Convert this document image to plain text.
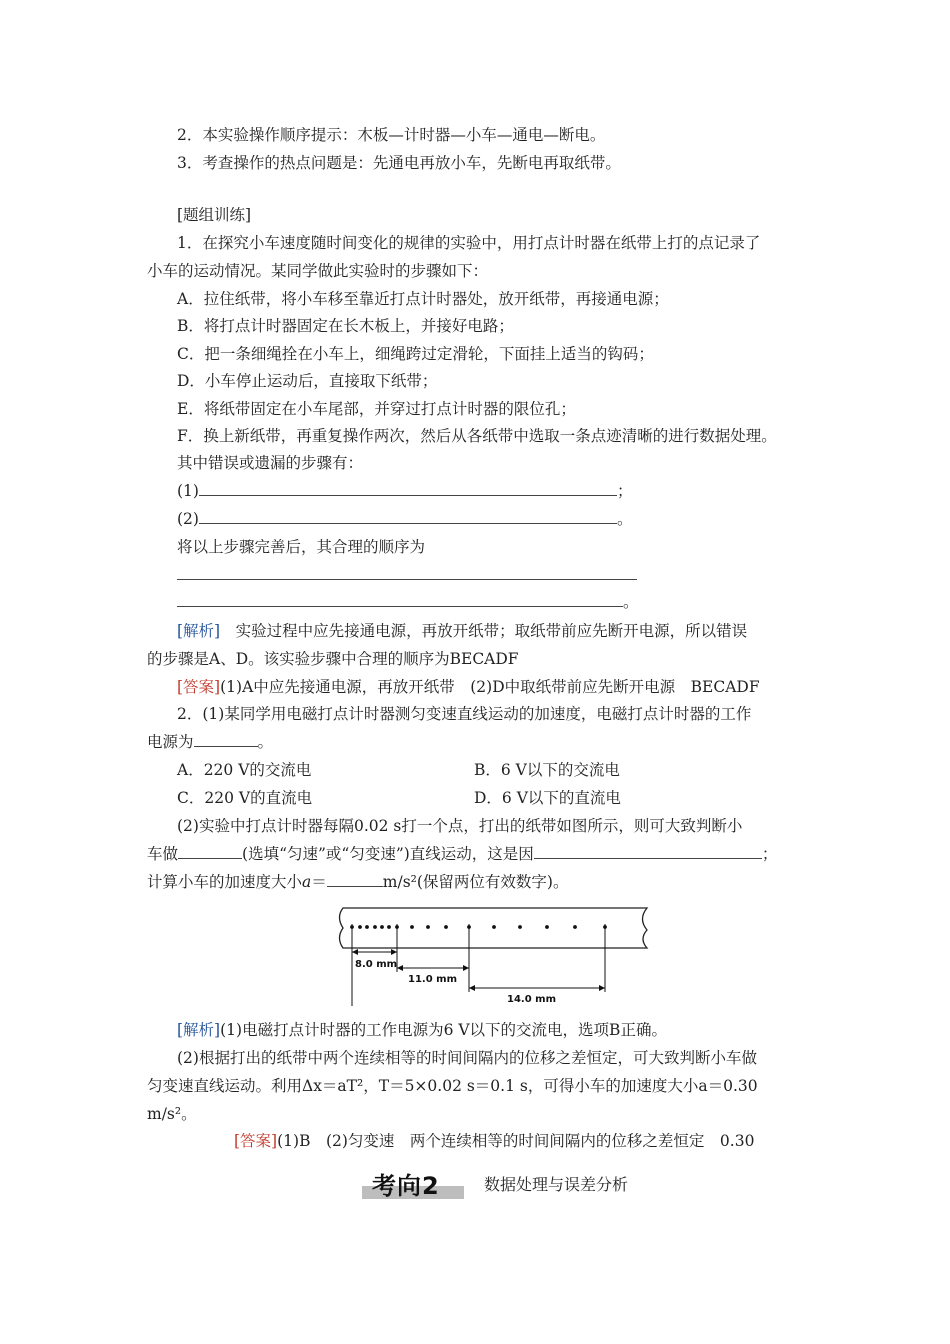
2．本实验操作顺序提示：木板—计时器—小车—通电—断电。
3．考查操作的热点问题是：先通电再放小车，先断电再取纸带。
[题组训练]
1．在探究小车速度随时间变化的规律的实验中，用打点计时器在纸带上打的点记录了
小车的运动情况。某同学做此实验时的步骤如下：
A．拉住纸带，将小车移至靠近打点计时器处，放开纸带，再接通电源；
B．将打点计时器固定在长木板上，并接好电路；
C．把一条细绳拴在小车上，细绳跨过定滑轮，下面挂上适当的钩码；
D．小车停止运动后，直接取下纸带；
E．将纸带固定在小车尾部，并穿过打点计时器的限位孔；
F．换上新纸带，再重复操作两次，然后从各纸带中选取一条点迹清晰的进行数据处理。
其中错误或遗漏的步骤有：
(1)	；
(2)	。
将以上步骤完善后，其合理的顺序为
。
[解析]　 实验过程中应先接通电源，再放开纸带；取纸带前应先断开电源，所以错误
的步骤是A、D。该实验步骤中合理的顺序为BECADF
[答案](1)A中应先接通电源，再放开纸带　(2)D中取纸带前应先断开电源　BECADF
2．(1)某同学用电磁打点计时器测匀变速直线运动的加速度，电磁打点计时器的工作
电源为	。
A．220 V的交流电	B．6 V以下的交流电
C．220 V的直流电	D．6 V以下的直流电
(2)实验中打点计时器每隔0.02 s打一个点，打出的纸带如图所示，则可大致判断小
车做	(选填“匀速”或“匀变速”)直线运动，这是因	；
计算小车的加速度大小a＝	m/s²(保留两位有效数字)。
8.0 mm
11.0 mm
14.0 mm
[解析](1)电磁打点计时器的工作电源为6 V以下的交流电，选项B正确。
(2)根据打出的纸带中两个连续相等的时间间隔内的位移之差恒定，可大致判断小车做
匀变速直线运动。利用Δx＝aT²，T＝5×0.02 s＝0.1 s，可得小车的加速度大小a＝0.30
m/s²。
[答案](1)B　(2)匀变速　两个连续相等的时间间隔内的位移之差恒定　0.30
考向2	数据处理与误差分析
